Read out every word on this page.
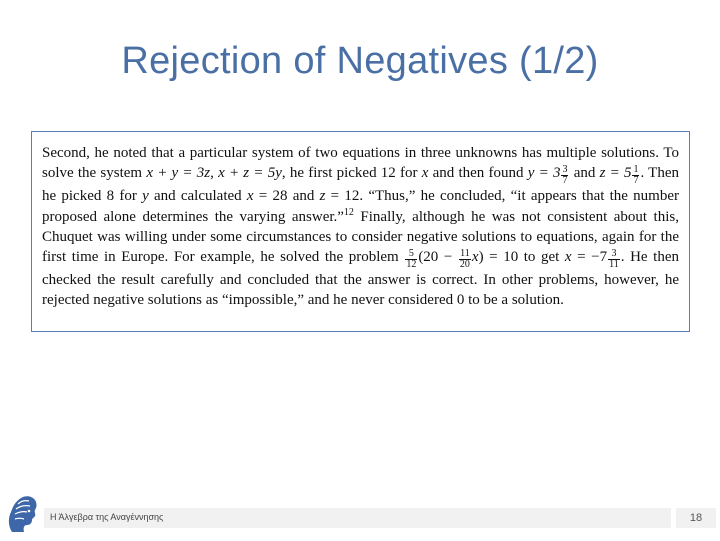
Rejection of Negatives (1/2)

Second, he noted that a particular system of two equations in three unknowns has multiple solutions. To solve the system x + y = 3z, x + z = 5y, he first picked 12 for x and then found $y = 3 \frac{3}{7}$ and $z = 5 \frac{1}{7}$ . Then he picked 8 for y and calculated x = 28 and z = 12. “Thus,” he concluded, “it appears that the number proposed alone determines the varying answer.”$^{12}$ Finally, although he was not consistent about this, Chuquet was willing under some circumstances to consider negative solutions to equations, again for the first time in Europe. For example, he solved the problem $\frac{5}{12} (20 - \frac{11}{20} x) = 10$ to get $x = -7 \frac{3}{11}$ . He then checked the result carefully and concluded that the answer is correct. In other problems, however, he rejected negative solutions as “impossible,” and he never considered 0 to be a solution.

Η Άλγεβρα της Αναγέννησης	18
